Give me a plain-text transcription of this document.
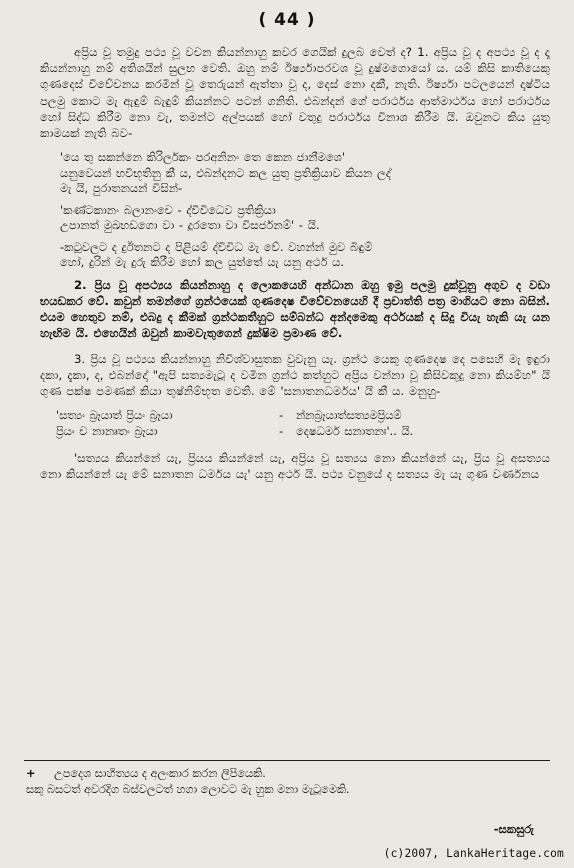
( 44 )

අප්‍රිය වූ තමුදු පථ්‍ය වූ වචන කියන්නාහු කවර ගෙයික් දුලබ වෙත් ද? 1. අප්‍රිය වූ ද අපථ්‍ය වූ ද දෑ කියන්නාහු නම් අතිශයින් සුලභ වෙති. ඔහු නම් ඊර්ෂ්‍යාපරවශ වූ දුෂ්මගොයෝ ය. යම් කිසි කාතියෙකු ගුණදෙස් විවේචනය කරමින් වූ තෙරුයන් ඇත්තා වූ ද, දෙස් නො දකී, නැති. ඊර්ෂ්‍යා පටලයෙන් දෘෂ්ටිය පලමු කොට මැ ඇඳුම් බැඳුම් කියන්නට පටන් ගනිති. එබන්දන් ගේ පරාර්ථය ආත්මාර්ථය හෝ පරාර්ථය හෝ සිද්ධ කිරීම නො වැ, තමන්ට අල්පයක් හෝ වතුදු පරාර්ථය විනාශ කිරීම යි. ඔවුනට කිය යුතු කාමයක් නැති බව-

'යෙ තු සකන්නෙ කිරිර්ලකං පරඅනිනං තෙ කෙන ජානීමශෙ'

යනුවෙයන් භවිභූතිනු කී ය, එබන්දනට කල යුතු ප්‍රතික්‍රියාව කියන ලද්

මැ යි, පුරාතනයන් විසින්-

'කණ්ටකානං බලානංචෙ - ද්විවිධෙව ප්‍රතික්‍රියා

උපානත් මුඛභඩගො වා - දූරතො වා විසර්ජනම්' - යි.

-කටුවලට ද දුඊතනට ද පිළියම් ද්විවිධ මැ වේ. වහන්න් මුව බිඳුම්

හෝ, දුරින් මැ දුරු කිරීම හෝ කල යුත්තේ යැ යනු අර්ථ ය.

2. ප්‍රිය වූ අපථ්‍යය කියන්නාහු ද ලොකයෙහි අන්ධාන ඔහු ඉමු පලමු දුක්වූනු අගුව ද වඩා භයඩකර වේ. කවුන් තමන්ගේ ග්‍රන්ථයෙක් ගුණදෙෂ විවේචනයෙහි දී ප්‍රචාත්ති පත්‍ර මාගියට නො බසින්. එයම හෙතුව නම්, එබදු ද කීමක් ග්‍රන්ථකතීහුට සම්බන්ධ අන්දමෙකු අර්ථයක් ද සිදු වියැ හැකි යැ යන හැඟිම යි. එහෙයින් ඔවුන් කාමවැතුගෙන් දුක්ෂිම ප්‍රමාණ වේ.

3. ප්‍රිය වූ පථ්‍යය කියන්නාහු නිවිශ්වාසුතක වුවැනු යැ. ග්‍රන්ථ යෙකු ගුණදෙෂ දෙ පසෙහි මැ ඉඳුරා දකා, දැකා, ද, එබන්දෝ "ඇපි සත්‍යමැටූ ද වමින ග්‍රන්ථ කත්හුට අප්‍රිය වන්නා වූ කිසිවකුදු නො කියම්හ" යි ගුණ පක්ෂ පමණක් කියා තුෂ්නිම්භූත වෙති. මේ 'සනාතනධර්මය' යි කී ය. මනුහු-

'සත්‍යං බ්‍රෑයාත් ප්‍රියං බ්‍රෑයා	-	න්නබ්‍රෑයාත්සත්‍යමප්‍රියම්
ප්‍රියං ච නානෘතං බ්‍රෑයා	-	දෙෂධර්ම සනාතනඃ'.. යි.

'සත්‍යය කියන්නේ යැ, ප්‍රියය කියන්නේ යැ, අප්‍රිය වූ සත්‍යය නො කියන්නේ යැ, ප්‍රිය වූ අසත්‍යය නො කියන්නේ යැ මේ සනාතන ධර්මය යැ' යනු අර්ථ යි. පථ්‍ය වනුයේ ද සත්‍යය මැ යැ ගුණ වර්ණනය

+ උපදෙශ සාහිත්‍යය ද අලංකාර කරන ලිපියෙකි.

සකු බසටත් අවරදිග බස්වලටත් හගා ලොවට මැ හුක මනා මැටූමෙකි.

-සකසුරු
(c)2007, LankaHeritage.com
